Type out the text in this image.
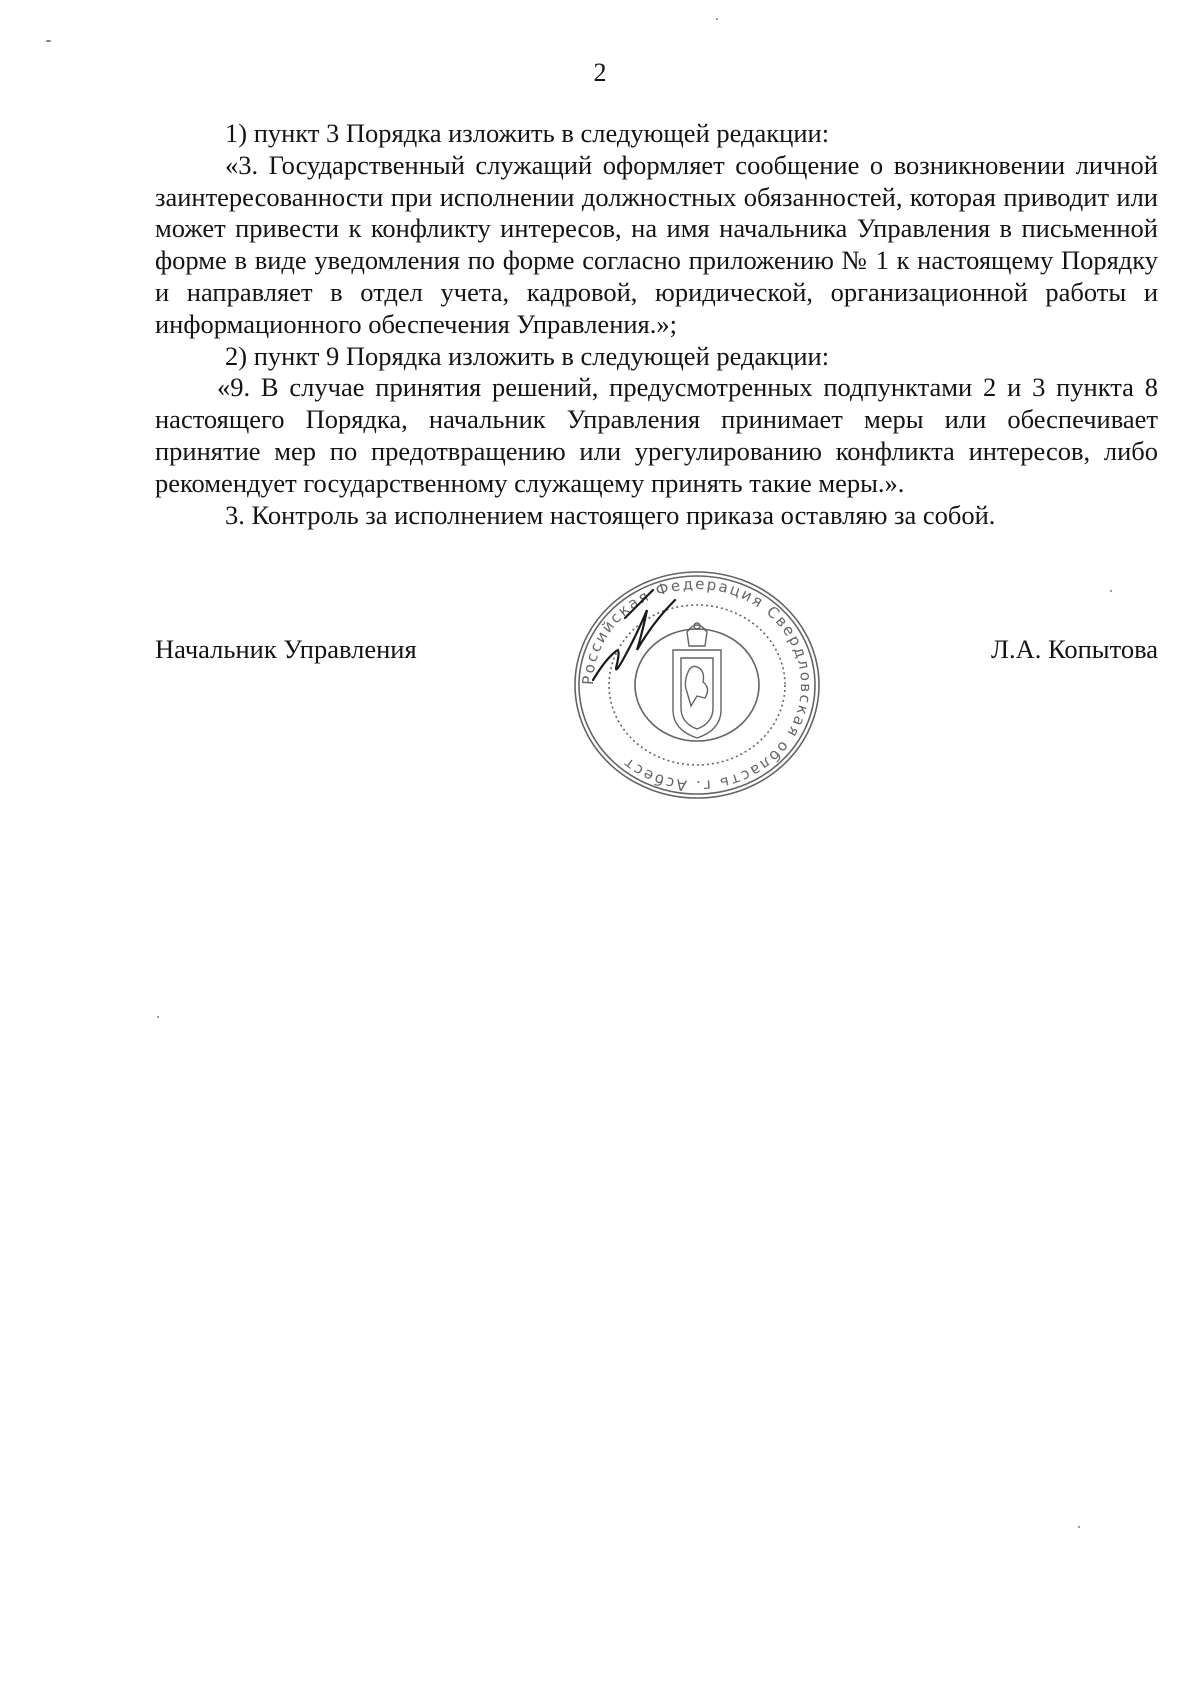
2

1) пункт 3 Порядка изложить в следующей редакции:

«3. Государственный служащий оформляет сообщение о возникновении личной заинтересованности при исполнении должностных обязанностей, которая приводит или может привести к конфликту интересов, на имя начальника Управления в письменной форме в виде уведомления по форме согласно приложению № 1 к настоящему Порядку и направляет в отдел учета, кадровой, юридической, организационной работы и информационного обеспечения Управления.»;

2) пункт 9 Порядка изложить в следующей редакции:

«9. В случае принятия решений, предусмотренных подпунктами 2 и 3 пункта 8 настоящего Порядка, начальник Управления принимает меры или обеспечивает принятие мер по предотвращению или урегулированию конфликта интересов, либо рекомендует государственному служащему принять такие меры.».

3. Контроль за исполнением настоящего приказа оставляю за собой.

Начальник Управления	Л.А. Копытова
Российская Федерация Свердловская область г. Асбест
